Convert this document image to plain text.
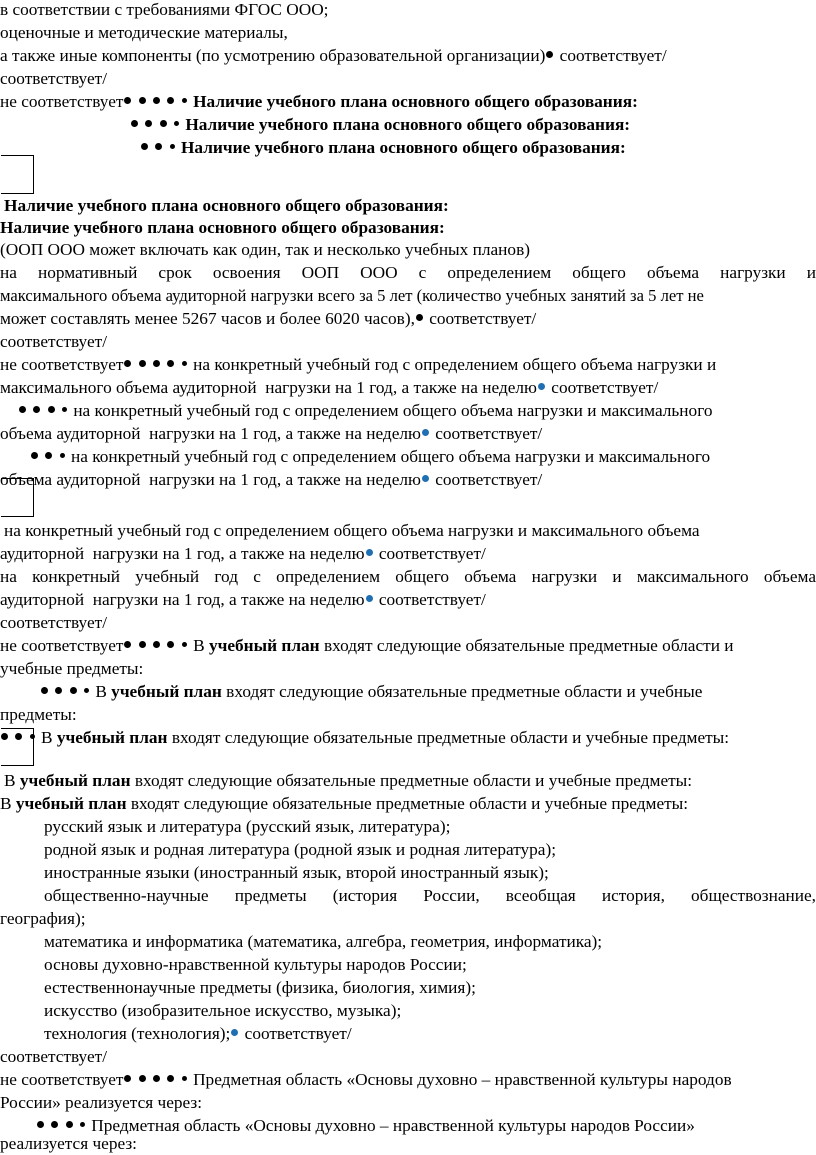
в соответствии с требованиями ФГОС ООО;
оценочные и методические материалы,
а также иные компоненты (по усмотрению образовательной организации) соответствует/
соответствует/
не соответствует	Наличие учебного плана основного общего образования:
Наличие учебного плана основного общего образования:
Наличие учебного плана основного общего образования:
Наличие учебного плана основного общего образования:
Наличие учебного плана основного общего образования:
(ООП ООО может включать как один, так и несколько учебных планов)
на нормативный срок освоения ООП ООО с определением общего объема нагрузки и
максимального объема аудиторной нагрузки всего за 5 лет (количество учебных занятий за 5 лет не
может составлять менее 5267 часов и более 6020 часов), соответствует/
соответствует/
не соответствует	на конкретный учебный год с определением общего объема нагрузки и
максимального объема аудиторной  нагрузки на 1 год, а также на неделю соответствует/
на конкретный учебный год с определением общего объема нагрузки и максимального
объема аудиторной  нагрузки на 1 год, а также на неделю соответствует/
на конкретный учебный год с определением общего объема нагрузки и максимального
объема аудиторной  нагрузки на 1 год, а также на неделю соответствует/
на конкретный учебный год с определением общего объема нагрузки и максимального объема
аудиторной  нагрузки на 1 год, а также на неделю соответствует/
на конкретный учебный год с определением общего объема нагрузки и максимального объема
аудиторной  нагрузки на 1 год, а также на неделю соответствует/
соответствует/
не соответствует	В учебный план входят следующие обязательные предметные области и
учебные предметы:
В учебный план входят следующие обязательные предметные области и учебные
предметы:
В учебный план входят следующие обязательные предметные области и учебные предметы:
В учебный план входят следующие обязательные предметные области и учебные предметы:
В учебный план входят следующие обязательные предметные области и учебные предметы:
русский язык и литература (русский язык, литература);
родной язык и родная литература (родной язык и родная литература);
иностранные языки (иностранный язык, второй иностранный язык);
общественно-научные предметы (история России, всеобщая история, обществознание,
география);
математика и информатика (математика, алгебра, геометрия, информатика);
основы духовно-нравственной культуры народов России;
естественнонаучные предметы (физика, биология, химия);
искусство (изобразительное искусство, музыка);
технология (технология); соответствует/
соответствует/
не соответствует	Предметная область «Основы духовно – нравственной культуры народов
России» реализуется через:
Предметная область «Основы духовно – нравственной культуры народов России»
реализуется через:
